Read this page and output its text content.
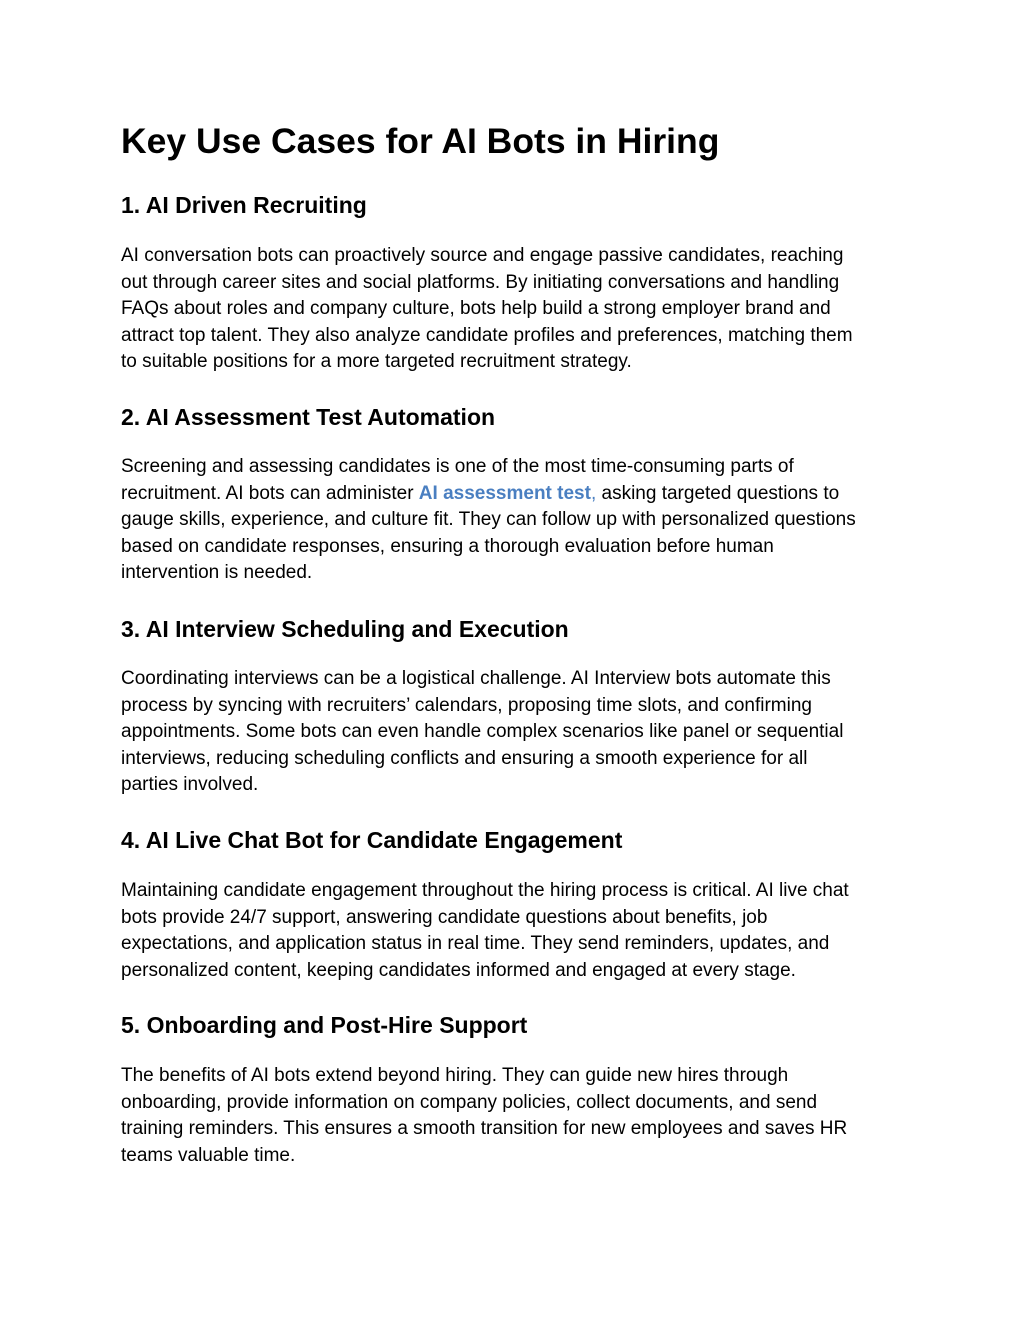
Key Use Cases for AI Bots in Hiring
1. AI Driven Recruiting

AI conversation bots can proactively source and engage passive candidates, reaching
out through career sites and social platforms. By initiating conversations and handling
FAQs about roles and company culture, bots help build a strong employer brand and
attract top talent. They also analyze candidate profiles and preferences, matching them
to suitable positions for a more targeted recruitment strategy.

2. AI Assessment Test Automation

Screening and assessing candidates is one of the most time-consuming parts of
recruitment. AI bots can administer AI assessment test, asking targeted questions to
gauge skills, experience, and culture fit. They can follow up with personalized questions
based on candidate responses, ensuring a thorough evaluation before human
intervention is needed.

3. AI Interview Scheduling and Execution

Coordinating interviews can be a logistical challenge. AI Interview bots automate this
process by syncing with recruiters’ calendars, proposing time slots, and confirming
appointments. Some bots can even handle complex scenarios like panel or sequential
interviews, reducing scheduling conflicts and ensuring a smooth experience for all
parties involved.

4. AI Live Chat Bot for Candidate Engagement

Maintaining candidate engagement throughout the hiring process is critical. AI live chat
bots provide 24/7 support, answering candidate questions about benefits, job
expectations, and application status in real time. They send reminders, updates, and
personalized content, keeping candidates informed and engaged at every stage.

5. Onboarding and Post-Hire Support

The benefits of AI bots extend beyond hiring. They can guide new hires through
onboarding, provide information on company policies, collect documents, and send
training reminders. This ensures a smooth transition for new employees and saves HR
teams valuable time.
